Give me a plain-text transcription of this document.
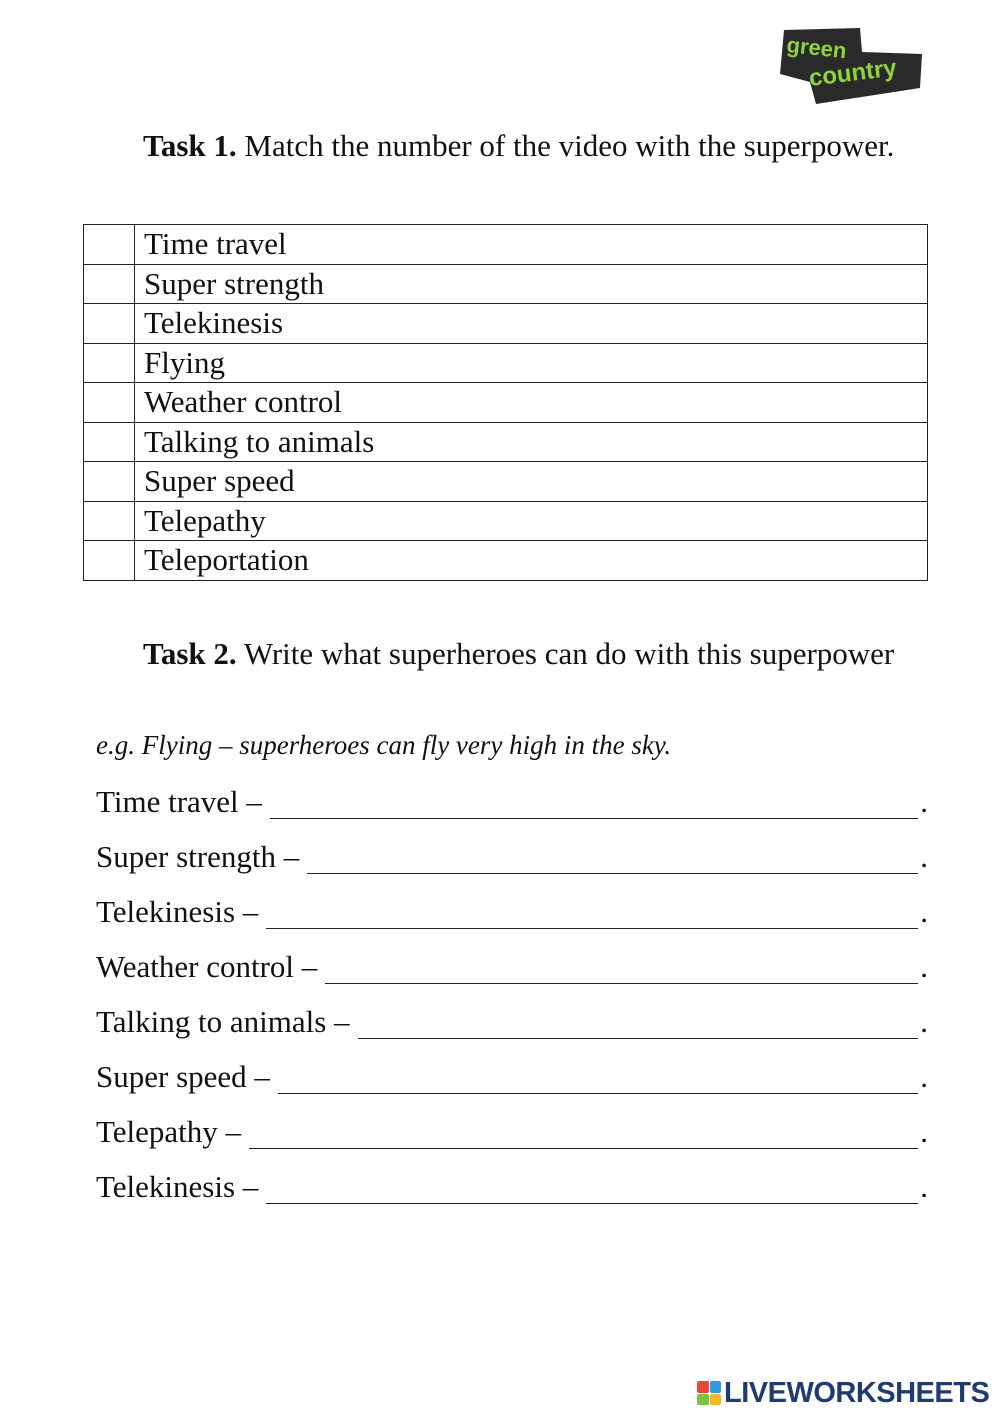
green
country
Task 1. Match the number of the video with the superpower.
	Time travel
	Super strength
	Telekinesis
	Flying
	Weather control
	Talking to animals
	Super speed
	Telepathy
	Teleportation
Task 2. Write what superheroes can do with this superpower
e.g. Flying – superheroes can fly very high in the sky.
Time travel –	.
Super strength –	.
Telekinesis –	.
Weather control –	.
Talking to animals –	.
Super speed –	.
Telepathy –	.
Telekinesis –	.
LIVEWORKSHEETS
